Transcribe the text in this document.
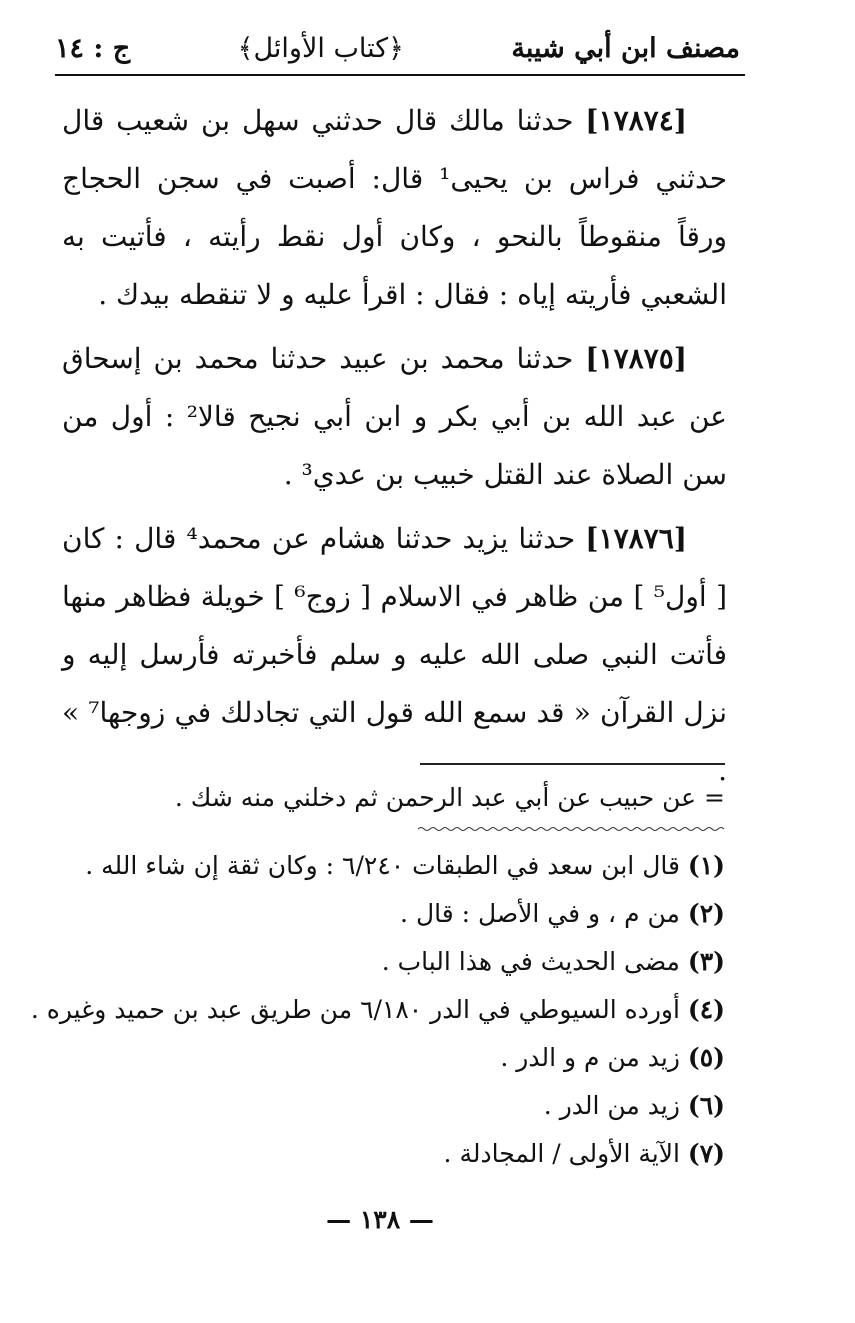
مصنف ابن أبي شيبة
﴿كتاب الأوائل﴾
ج : ١٤

[١٧٨٧٤] حدثنا مالك قال حدثني سهل بن شعيب قال حدثني فراس بن يحيى¹ قال: أصبت في سجن الحجاج ورقاً منقوطاً بالنحو ، وكان أول نقط رأيته ، فأتيت به الشعبي فأريته إياه : فقال : اقرأ عليه و لا تنقطه بيدك .

[١٧٨٧٥] حدثنا محمد بن عبيد حدثنا محمد بن إسحاق عن عبد الله بن أبي بكر و ابن أبي نجيح قالا² : أول من سن الصلاة عند القتل خبيب بن عدي³ .

[١٧٨٧٦] حدثنا يزيد حدثنا هشام عن محمد⁴ قال : كان [ أول⁵ ] من ظاهر في الاسلام [ زوج⁶ ] خويلة فظاهر منها فأتت النبي صلى الله عليه و سلم فأخبرته فأرسل إليه و نزل القرآن « قد سمع الله قول التي تجادلك في زوجها⁷ » .

= عن حبيب عن أبي عبد الرحمن ثم دخلني منه شك .
(١) قال ابن سعد في الطبقات ٦/٢٤٠ : وكان ثقة إن شاء الله .
(٢) من م ، و في الأصل : قال .
(٣) مضى الحديث في هذا الباب .
(٤) أورده السيوطي في الدر ٦/١٨٠ من طريق عبد بن حميد وغيره .
(٥) زيد من م و الدر .
(٦) زيد من الدر .
(٧) الآية الأولى / المجادلة .
— ١٣٨ —
